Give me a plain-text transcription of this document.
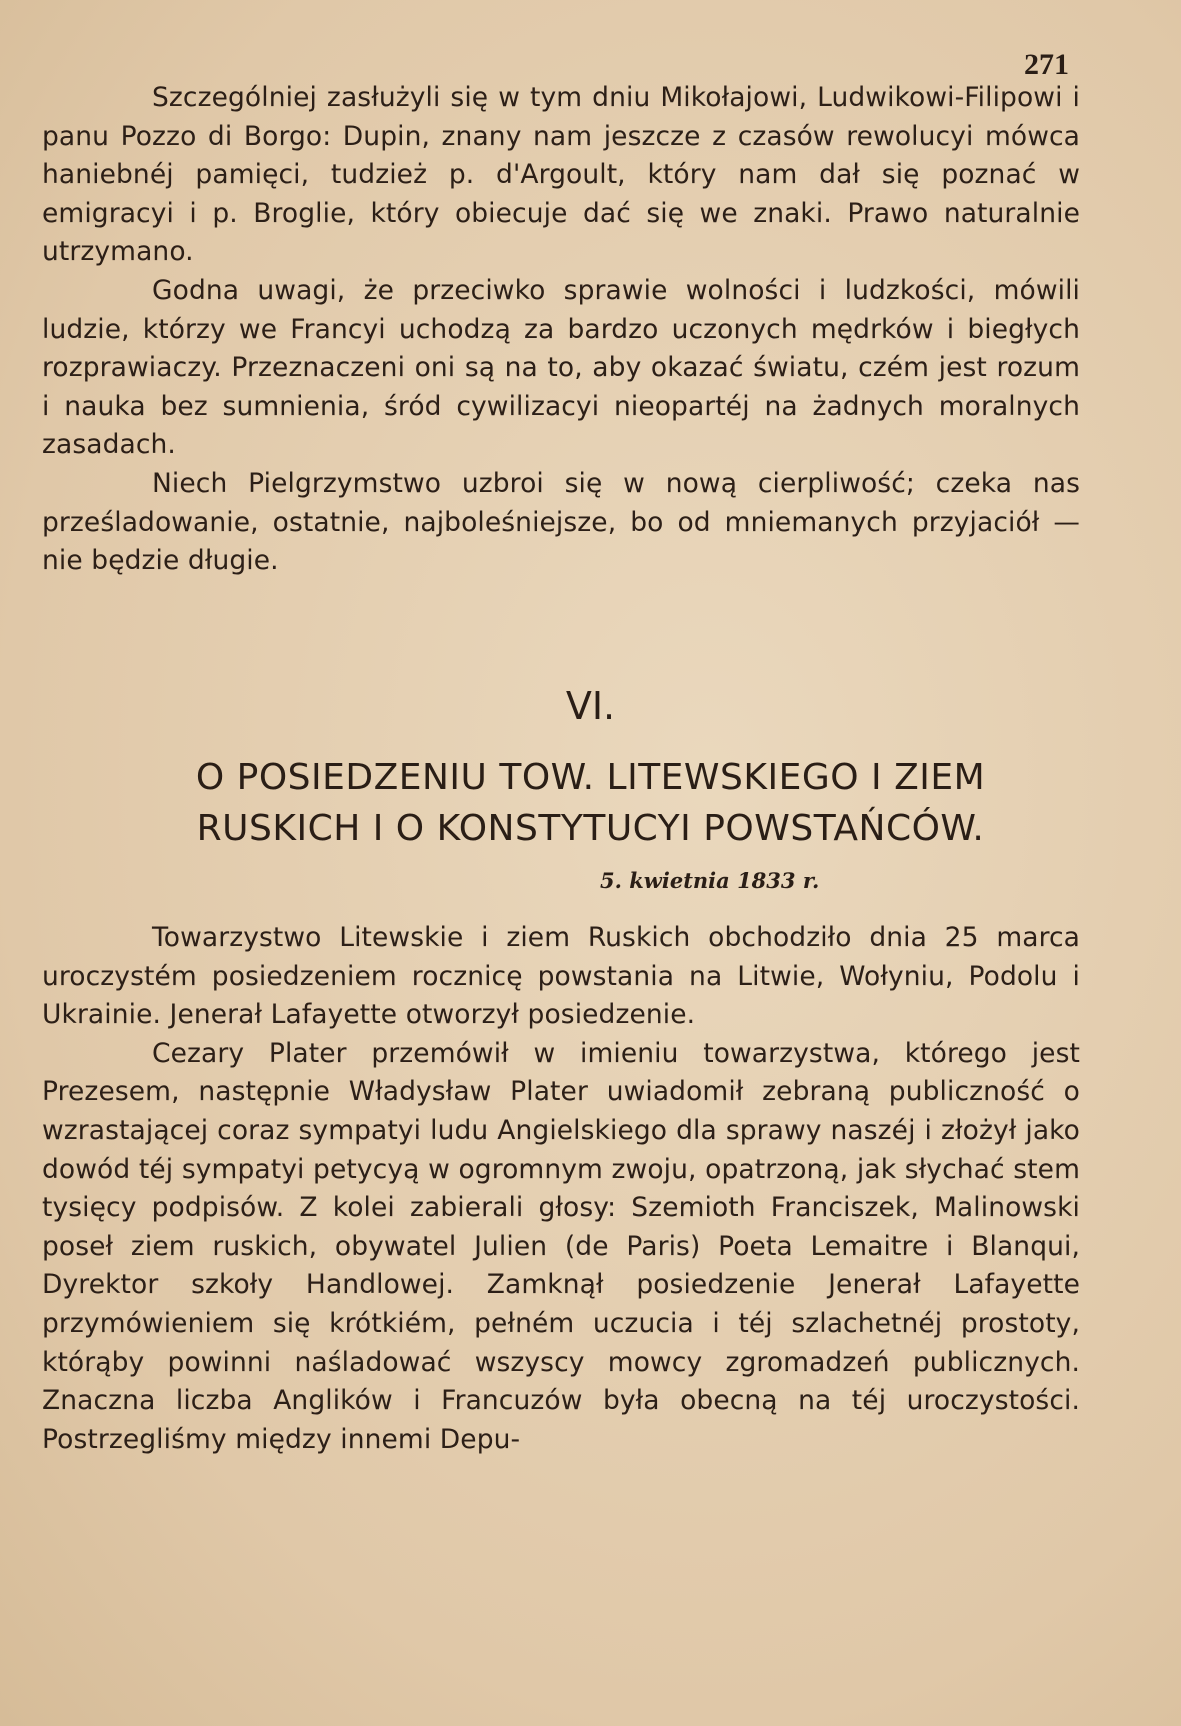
271

Szczególniej zasłużyli się w tym dniu Mikołajowi, Ludwikowi-Filipowi i panu Pozzo di Borgo: Dupin, znany nam jeszcze z czasów rewolucyi mówca haniebnéj pamięci, tudzież p. d'Argoult, który nam dał się poznać w emigracyi i p. Broglie, który obiecuje dać się we znaki. Prawo naturalnie utrzymano.

Godna uwagi, że przeciwko sprawie wolności i ludzkości, mówili ludzie, którzy we Francyi uchodzą za bardzo uczonych mędrków i biegłych rozprawiaczy. Przeznaczeni oni są na to, aby okazać światu, czém jest rozum i nauka bez sumnienia, śród cywilizacyi nieopartéj na żadnych moralnych zasadach.

Niech Pielgrzymstwo uzbroi się w nową cierpliwość; czeka nas prześladowanie, ostatnie, najboleśniejsze, bo od mniemanych przyjaciół — nie będzie długie.

VI.
O POSIEDZENIU TOW. LITEWSKIEGO I ZIEM
RUSKICH I O KONSTYTUCYI POWSTAŃCÓW.
5. kwietnia 1833 r.

Towarzystwo Litewskie i ziem Ruskich obchodziło dnia 25 marca uroczystém posiedzeniem rocznicę powstania na Litwie, Wołyniu, Podolu i Ukrainie. Jenerał Lafayette otworzył posiedzenie.

Cezary Plater przemówił w imieniu towarzystwa, którego jest Prezesem, następnie Władysław Plater uwiadomił zebraną publiczność o wzrastającej coraz sympatyi ludu Angielskiego dla sprawy naszéj i złożył jako dowód téj sympatyi petycyą w ogromnym zwoju, opatrzoną, jak słychać stem tysięcy podpisów. Z kolei zabierali głosy: Szemioth Franciszek, Malinowski poseł ziem ruskich, obywatel Julien (de Paris) Poeta Lemaitre i Blanqui, Dyrektor szkoły Handlowej. Zamknął posiedzenie Jenerał Lafayette przymówieniem się krótkiém, pełném uczucia i téj szlachetnéj prostoty, którąby powinni naśladować wszyscy mowcy zgromadzeń publicznych. Znaczna liczba Anglików i Francuzów była obecną na téj uroczystości. Postrzegliśmy między innemi Depu-
